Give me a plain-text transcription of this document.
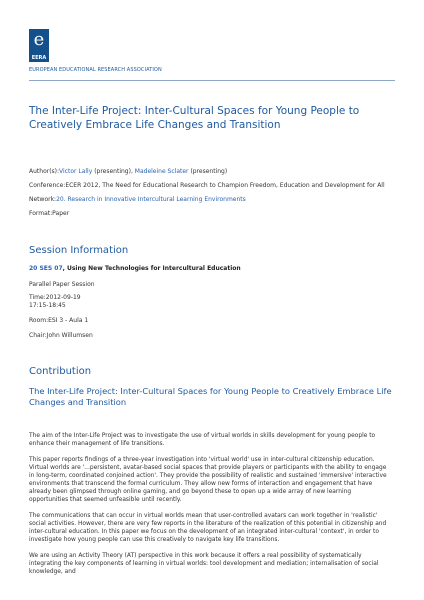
e
EERA
EUROPEAN EDUCATIONAL RESEARCH ASSOCIATION
The Inter-Life Project: Inter-Cultural Spaces for Young People to Creatively Embrace Life Changes and Transition
Author(s):Victor Lally (presenting), Madeleine Sclater (presenting)
Conference:ECER 2012, The Need for Educational Research to Champion Freedom, Education and Development for All
Network:20. Research in Innovative Intercultural Learning Environments
Format:Paper
Session Information
20 SES 07, Using New Technologies for Intercultural Education
Parallel Paper Session
Time:2012-09-19
17:15-18:45
Room:ESI 3 - Aula 1
Chair:John Willumsen
Contribution
The Inter-Life Project: Inter-Cultural Spaces for Young People to Creatively Embrace Life
Changes and Transition
The aim of the Inter-Life Project was to investigate the use of virtual worlds in skills development for young people to enhance their management of life transitions.
This paper reports findings of a three-year investigation into 'virtual world' use in inter-cultural citizenship education. Virtual worlds are '...persistent, avatar-based social spaces that provide players or participants with the ability to engage in long-term, coordinated conjoined action'. They provide the possibility of realistic and sustained 'immersive' interactive environments that transcend the formal curriculum. They allow new forms of interaction and engagement that have already been glimpsed through online gaming, and go beyond these to open up a wide array of new learning opportunities that seemed unfeasible until recently.
The communications that can occur in virtual worlds mean that user-controlled avatars can work together in 'realistic' social activities. However, there are very few reports in the literature of the realization of this potential in citizenship and inter-cultural education. In this paper we focus on the development of an integrated inter-cultural 'context', in order to investigate how young people can use this creatively to navigate key life transitions.
We are using an Activity Theory (AT) perspective in this work because it offers a real possibility of systematically integrating the key components of learning in virtual worlds: tool development and mediation; internalisation of social knowledge, and
